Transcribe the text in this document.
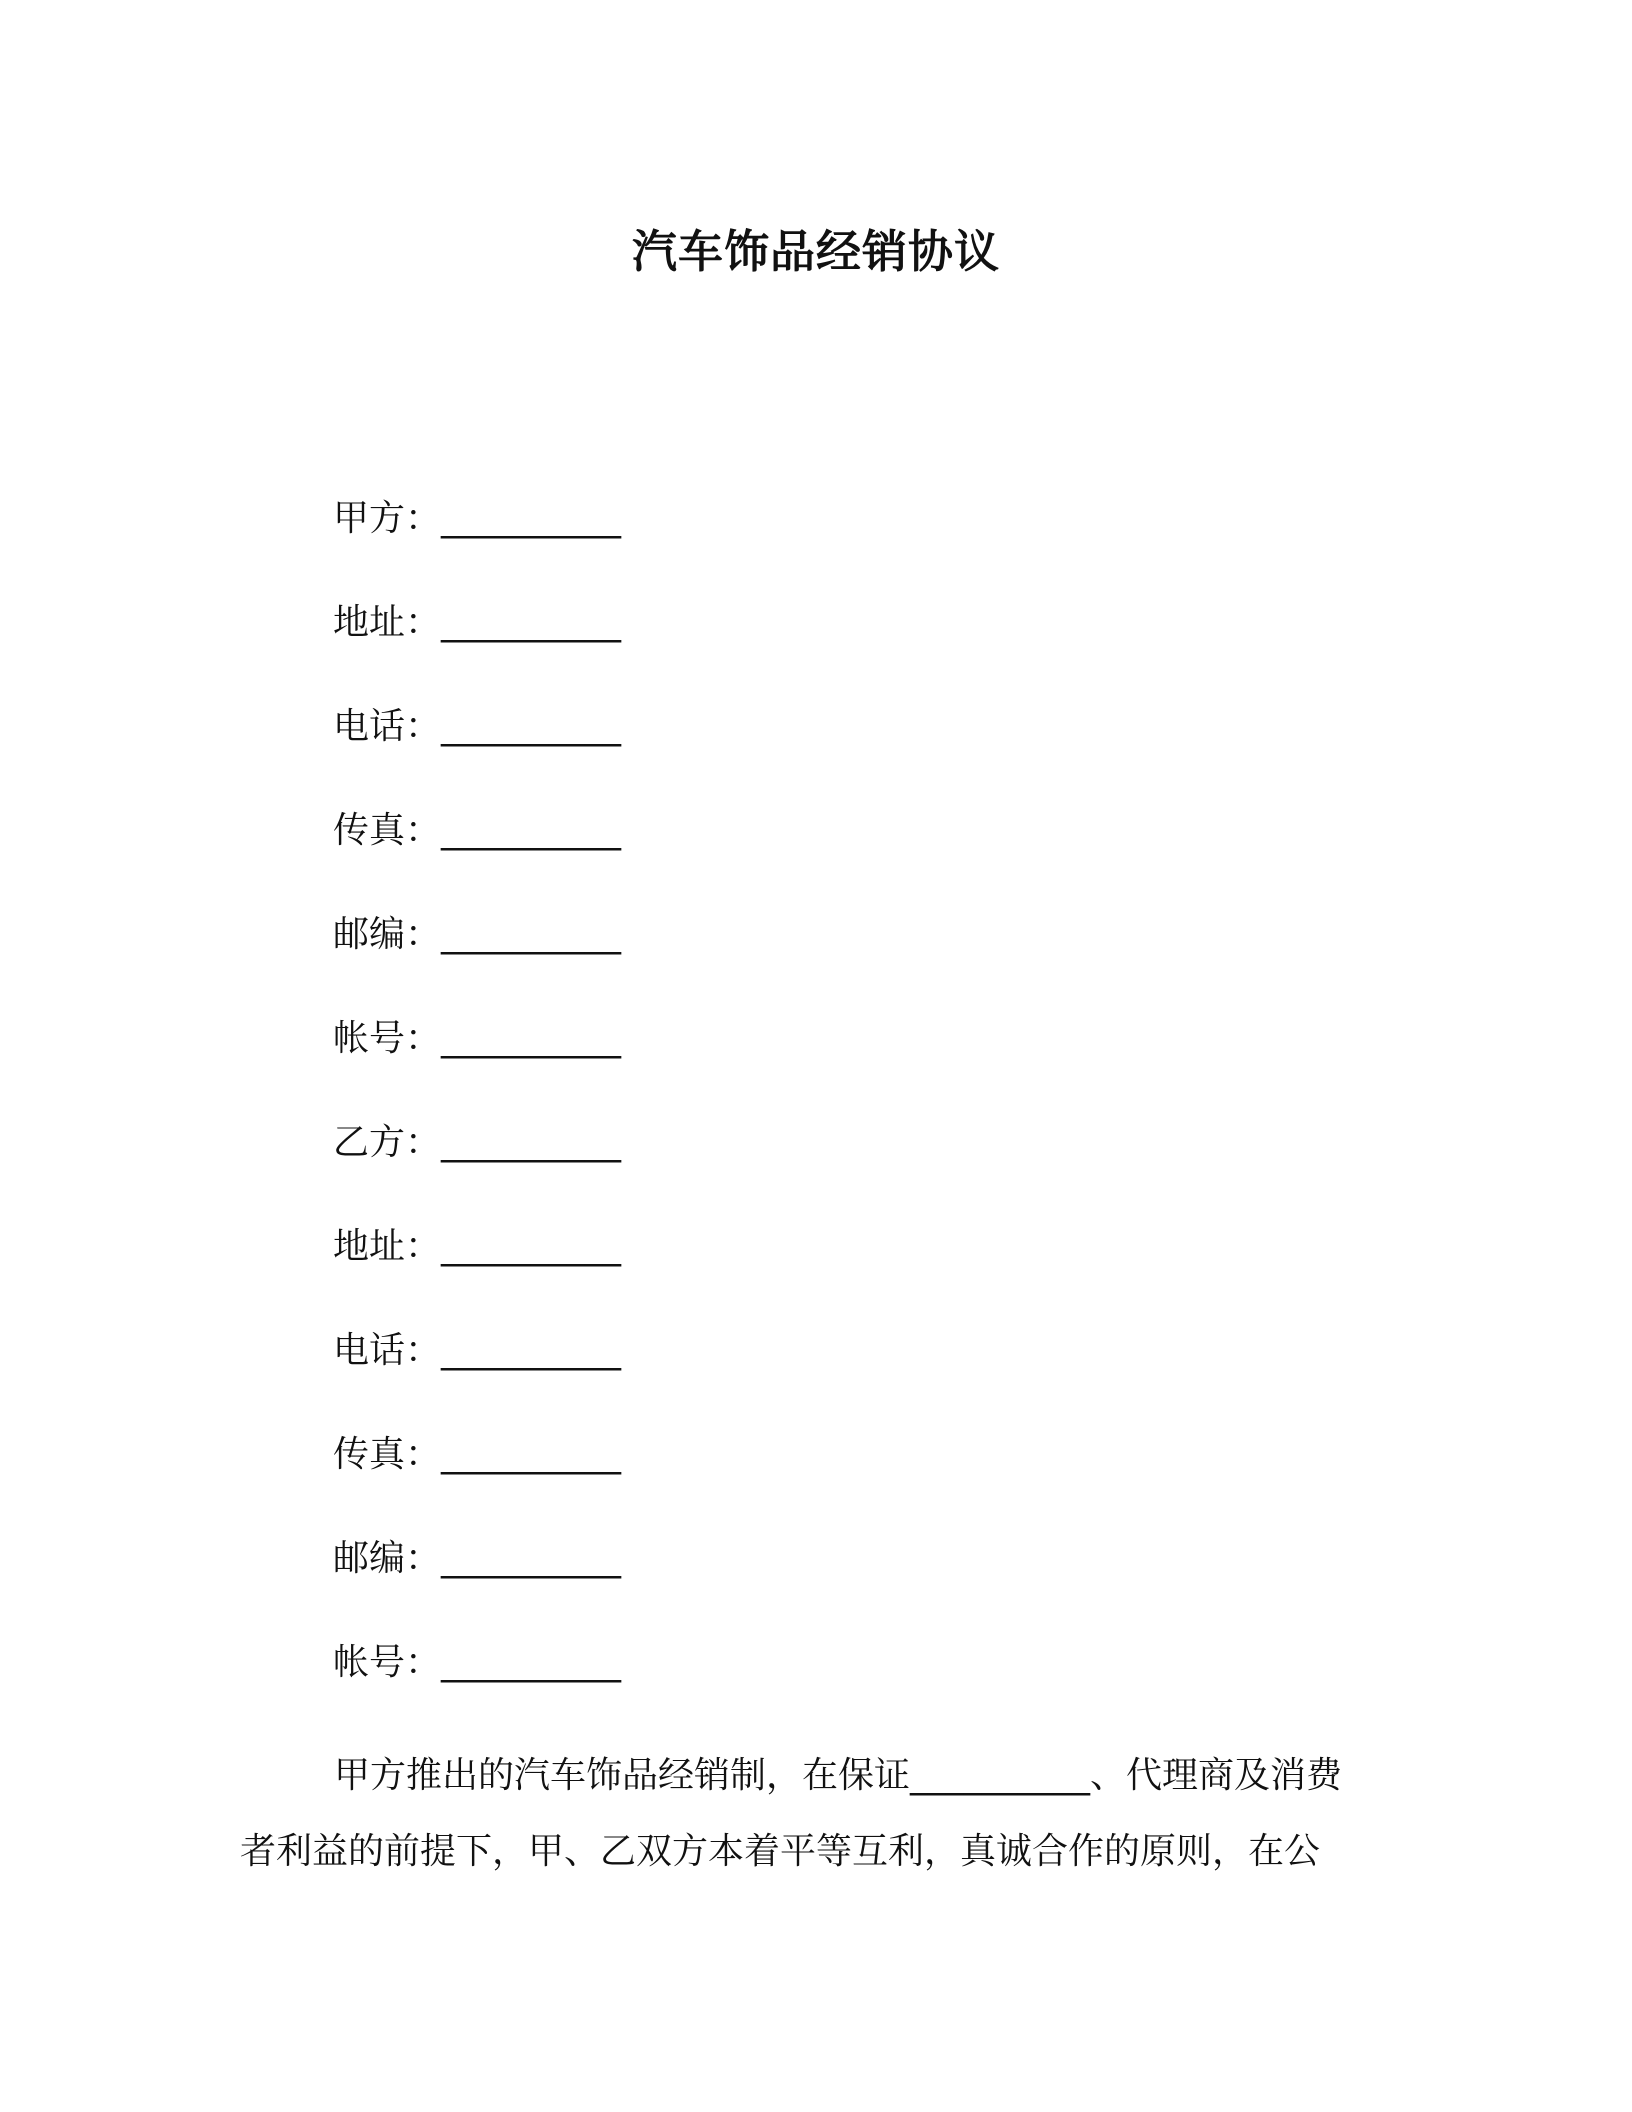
汽车饰品经销协议
甲方：__________
地址：__________
电话：__________
传真：__________
邮编：__________
帐号：__________
乙方：__________
地址：__________
电话：__________
传真：__________
邮编：__________
帐号：__________

甲方推出的汽车饰品经销制，在保证__________、代理商及消费
者利益的前提下，甲、乙双方本着平等互利，真诚合作的原则，在公
